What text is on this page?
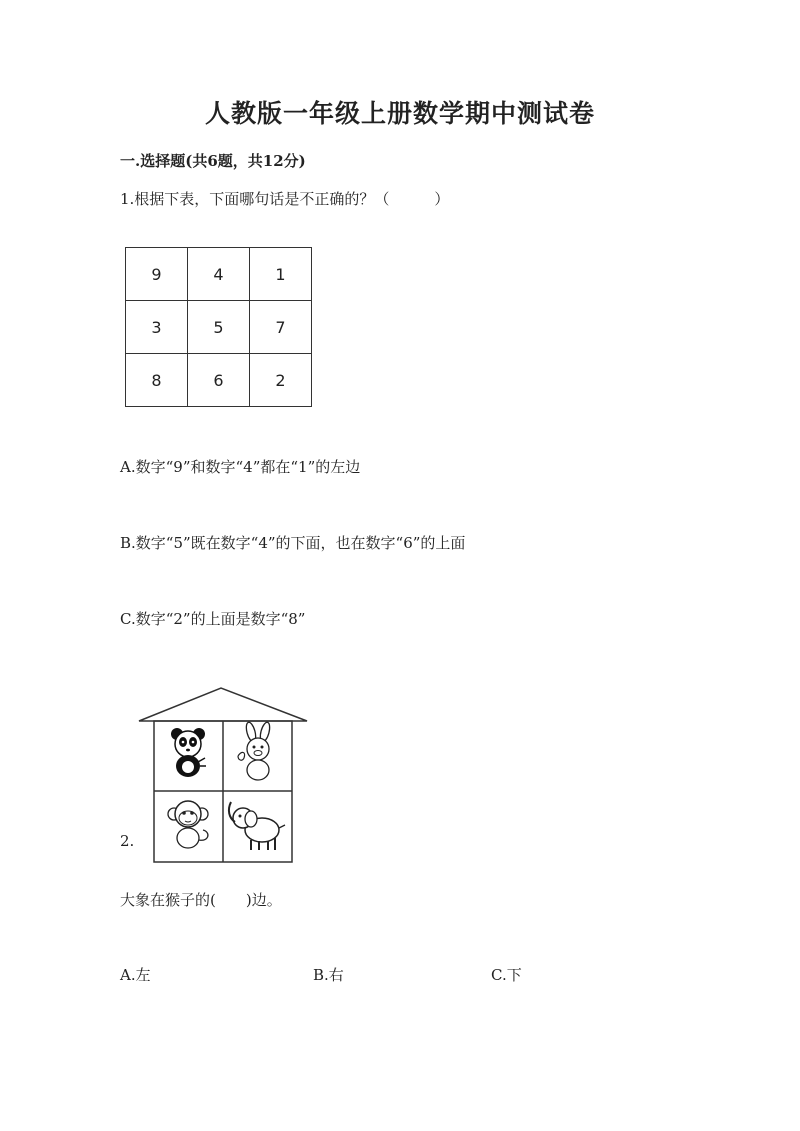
人教版一年级上册数学期中测试卷
一.选择题(共6题，共12分)
1.根据下表，下面哪句话是不正确的？（　　　）
9	4	1
3	5	7
8	6	2
A.数字“9”和数字“4”都在“1”的左边
B.数字“5”既在数字“4”的下面，也在数字“6”的上面
C.数字“2”的上面是数字“8”
2.
大象在猴子的(　　)边。
A.左	B.右	C.下
